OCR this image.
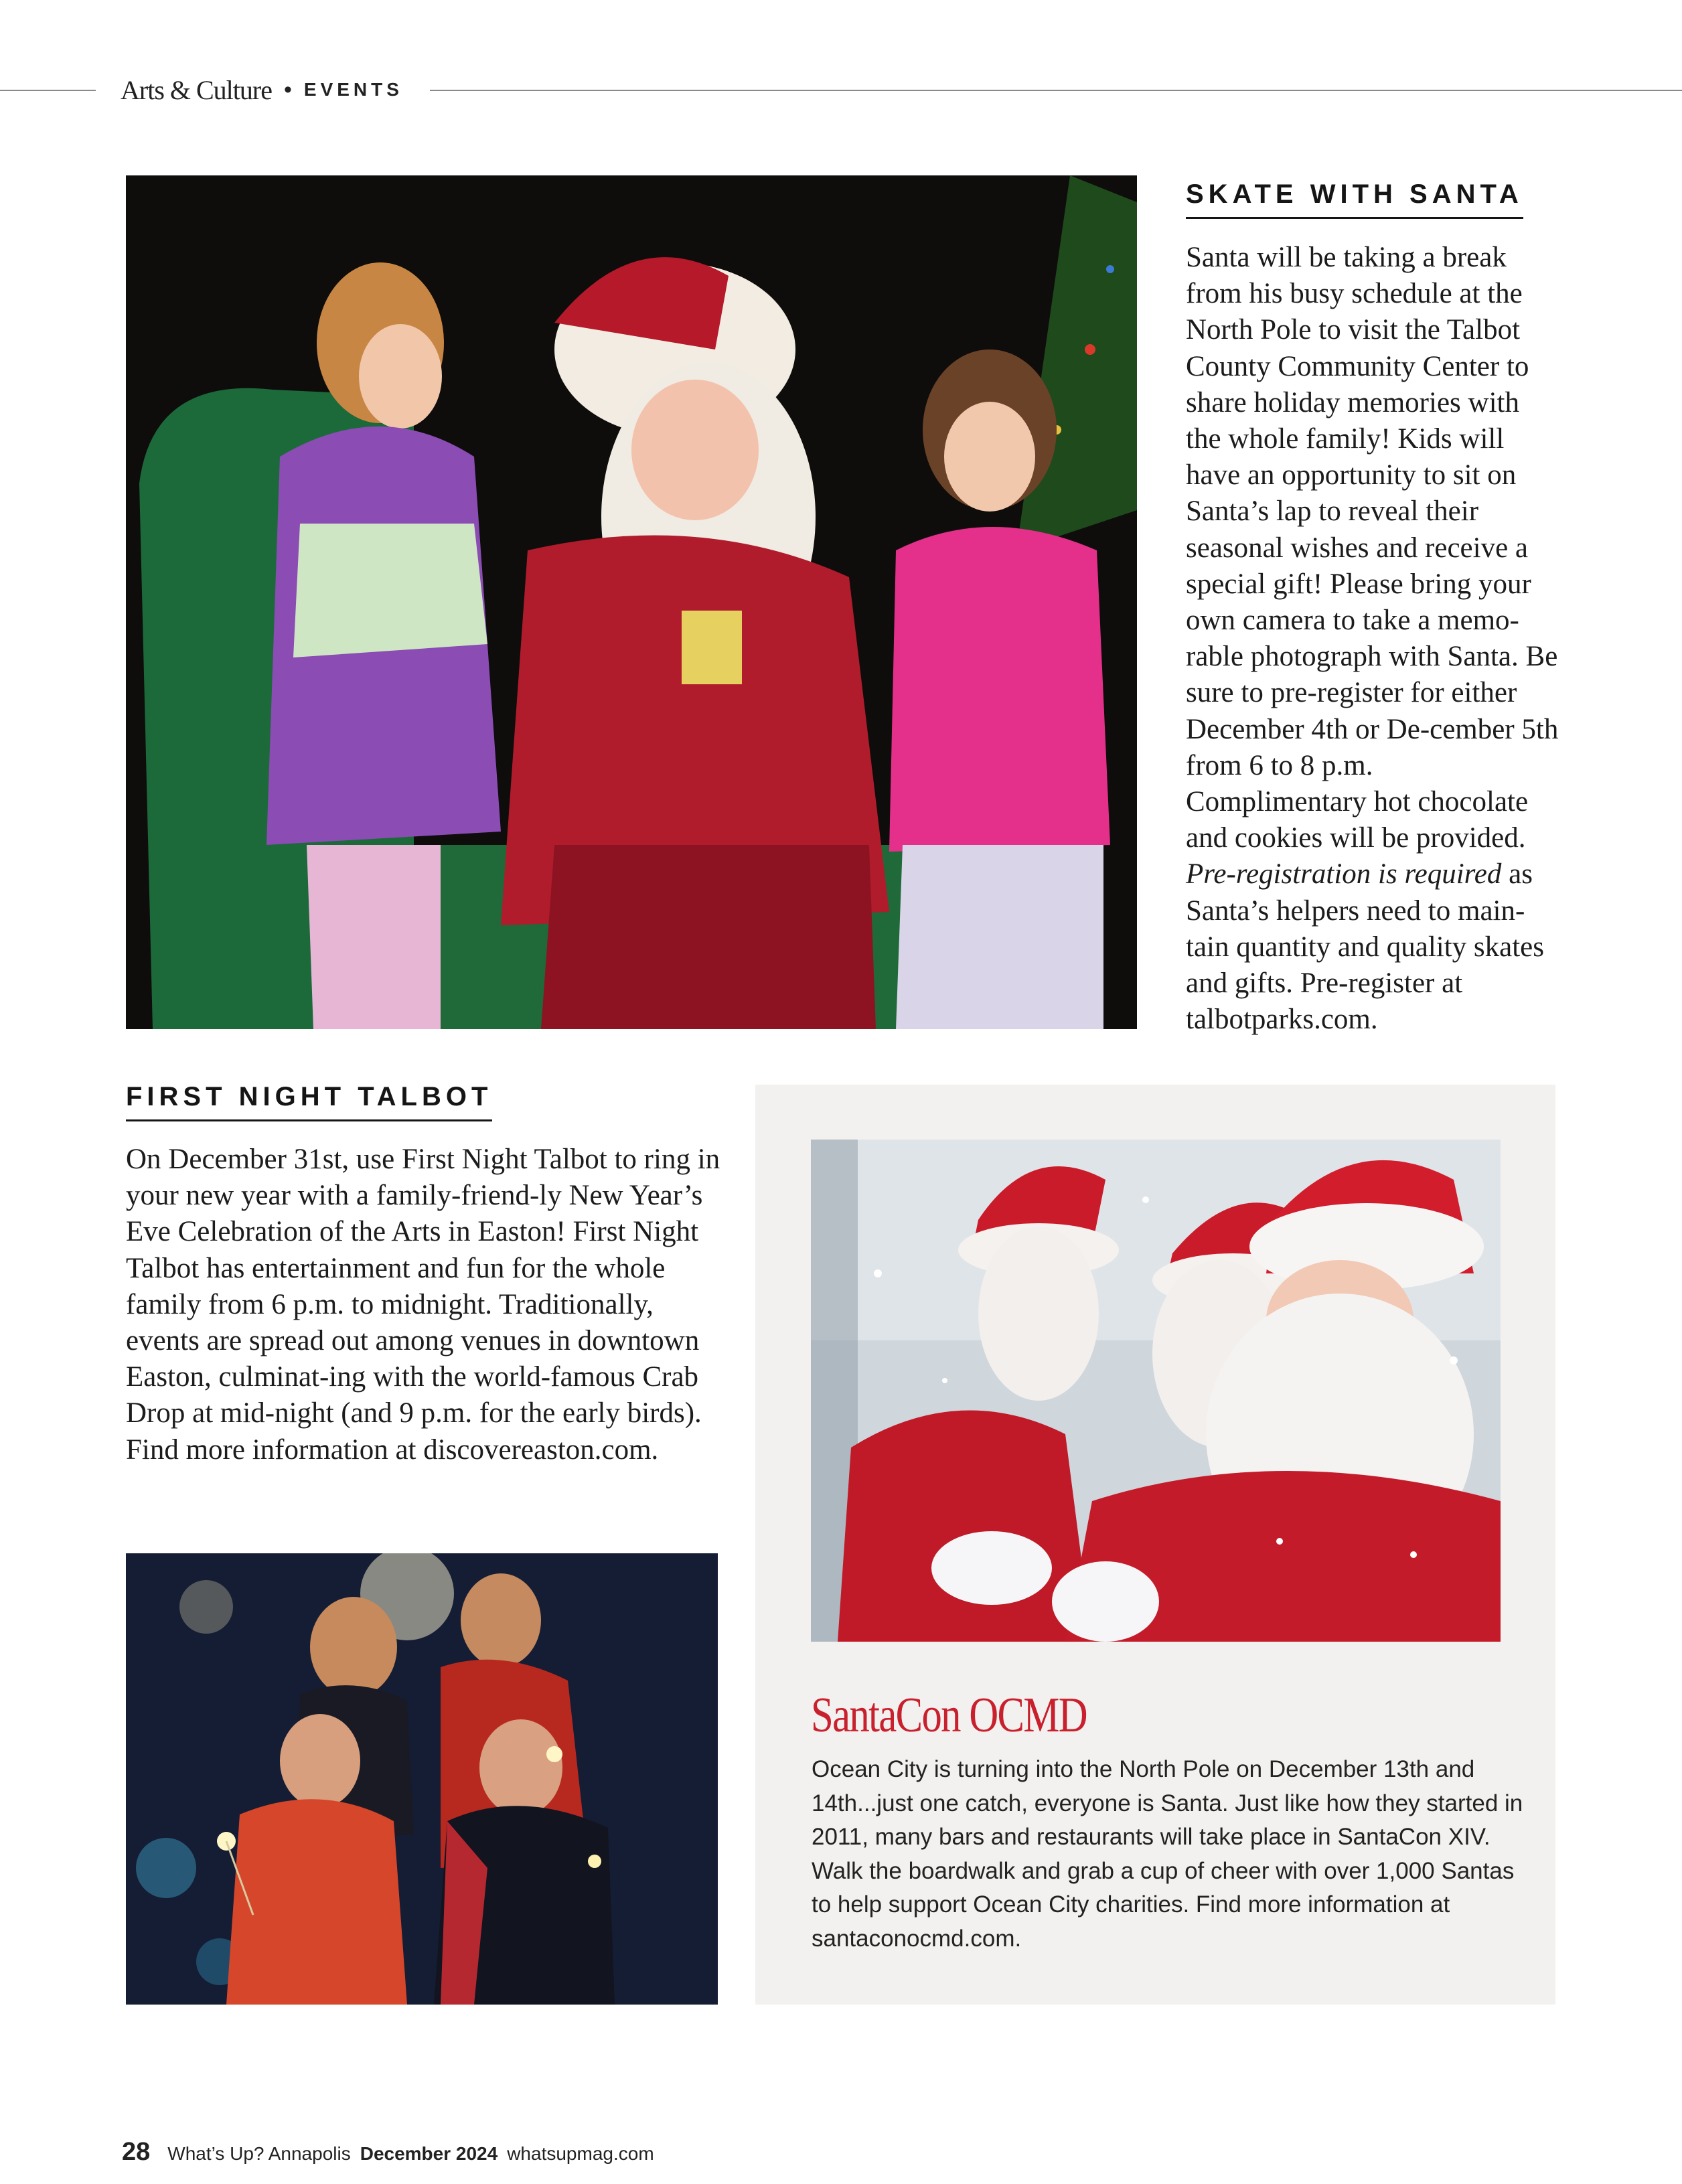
Arts & Culture • EVENTS
SKATE WITH SANTA
Santa will be taking a break from his busy schedule at the North Pole to visit the Talbot County Community Center to share holiday memories with the whole family! Kids will have an opportunity to sit on Santa’s lap to reveal their seasonal wishes and receive a special gift! Please bring your own camera to take a memo-rable photograph with Santa. Be sure to pre-register for either December 4th or De-cember 5th from 6 to 8 p.m. Complimentary hot chocolate and cookies will be provided. Pre-registration is required as Santa’s helpers need to main-tain quantity and quality skates and gifts. Pre-register at talbotparks.com.
FIRST NIGHT TALBOT
On December 31st, use First Night Talbot to ring in your new year with a family-friend-ly New Year’s Eve Celebration of the Arts in Easton! First Night Talbot has entertainment and fun for the whole family from 6 p.m. to midnight. Traditionally, events are spread out among venues in downtown Easton, culminat-ing with the world-famous Crab Drop at mid-night (and 9 p.m. for the early birds). Find more information at discovereaston.com.
SantaCon OCMD
Ocean City is turning into the North Pole on December 13th and 14th...just one catch, everyone is Santa. Just like how they started in 2011, many bars and restaurants will take place in SantaCon XIV. Walk the boardwalk and grab a cup of cheer with over 1,000 Santas to help support Ocean City charities. Find more information at santaconocmd.com.
28 What’s Up? Annapolis December 2024 whatsupmag.com
